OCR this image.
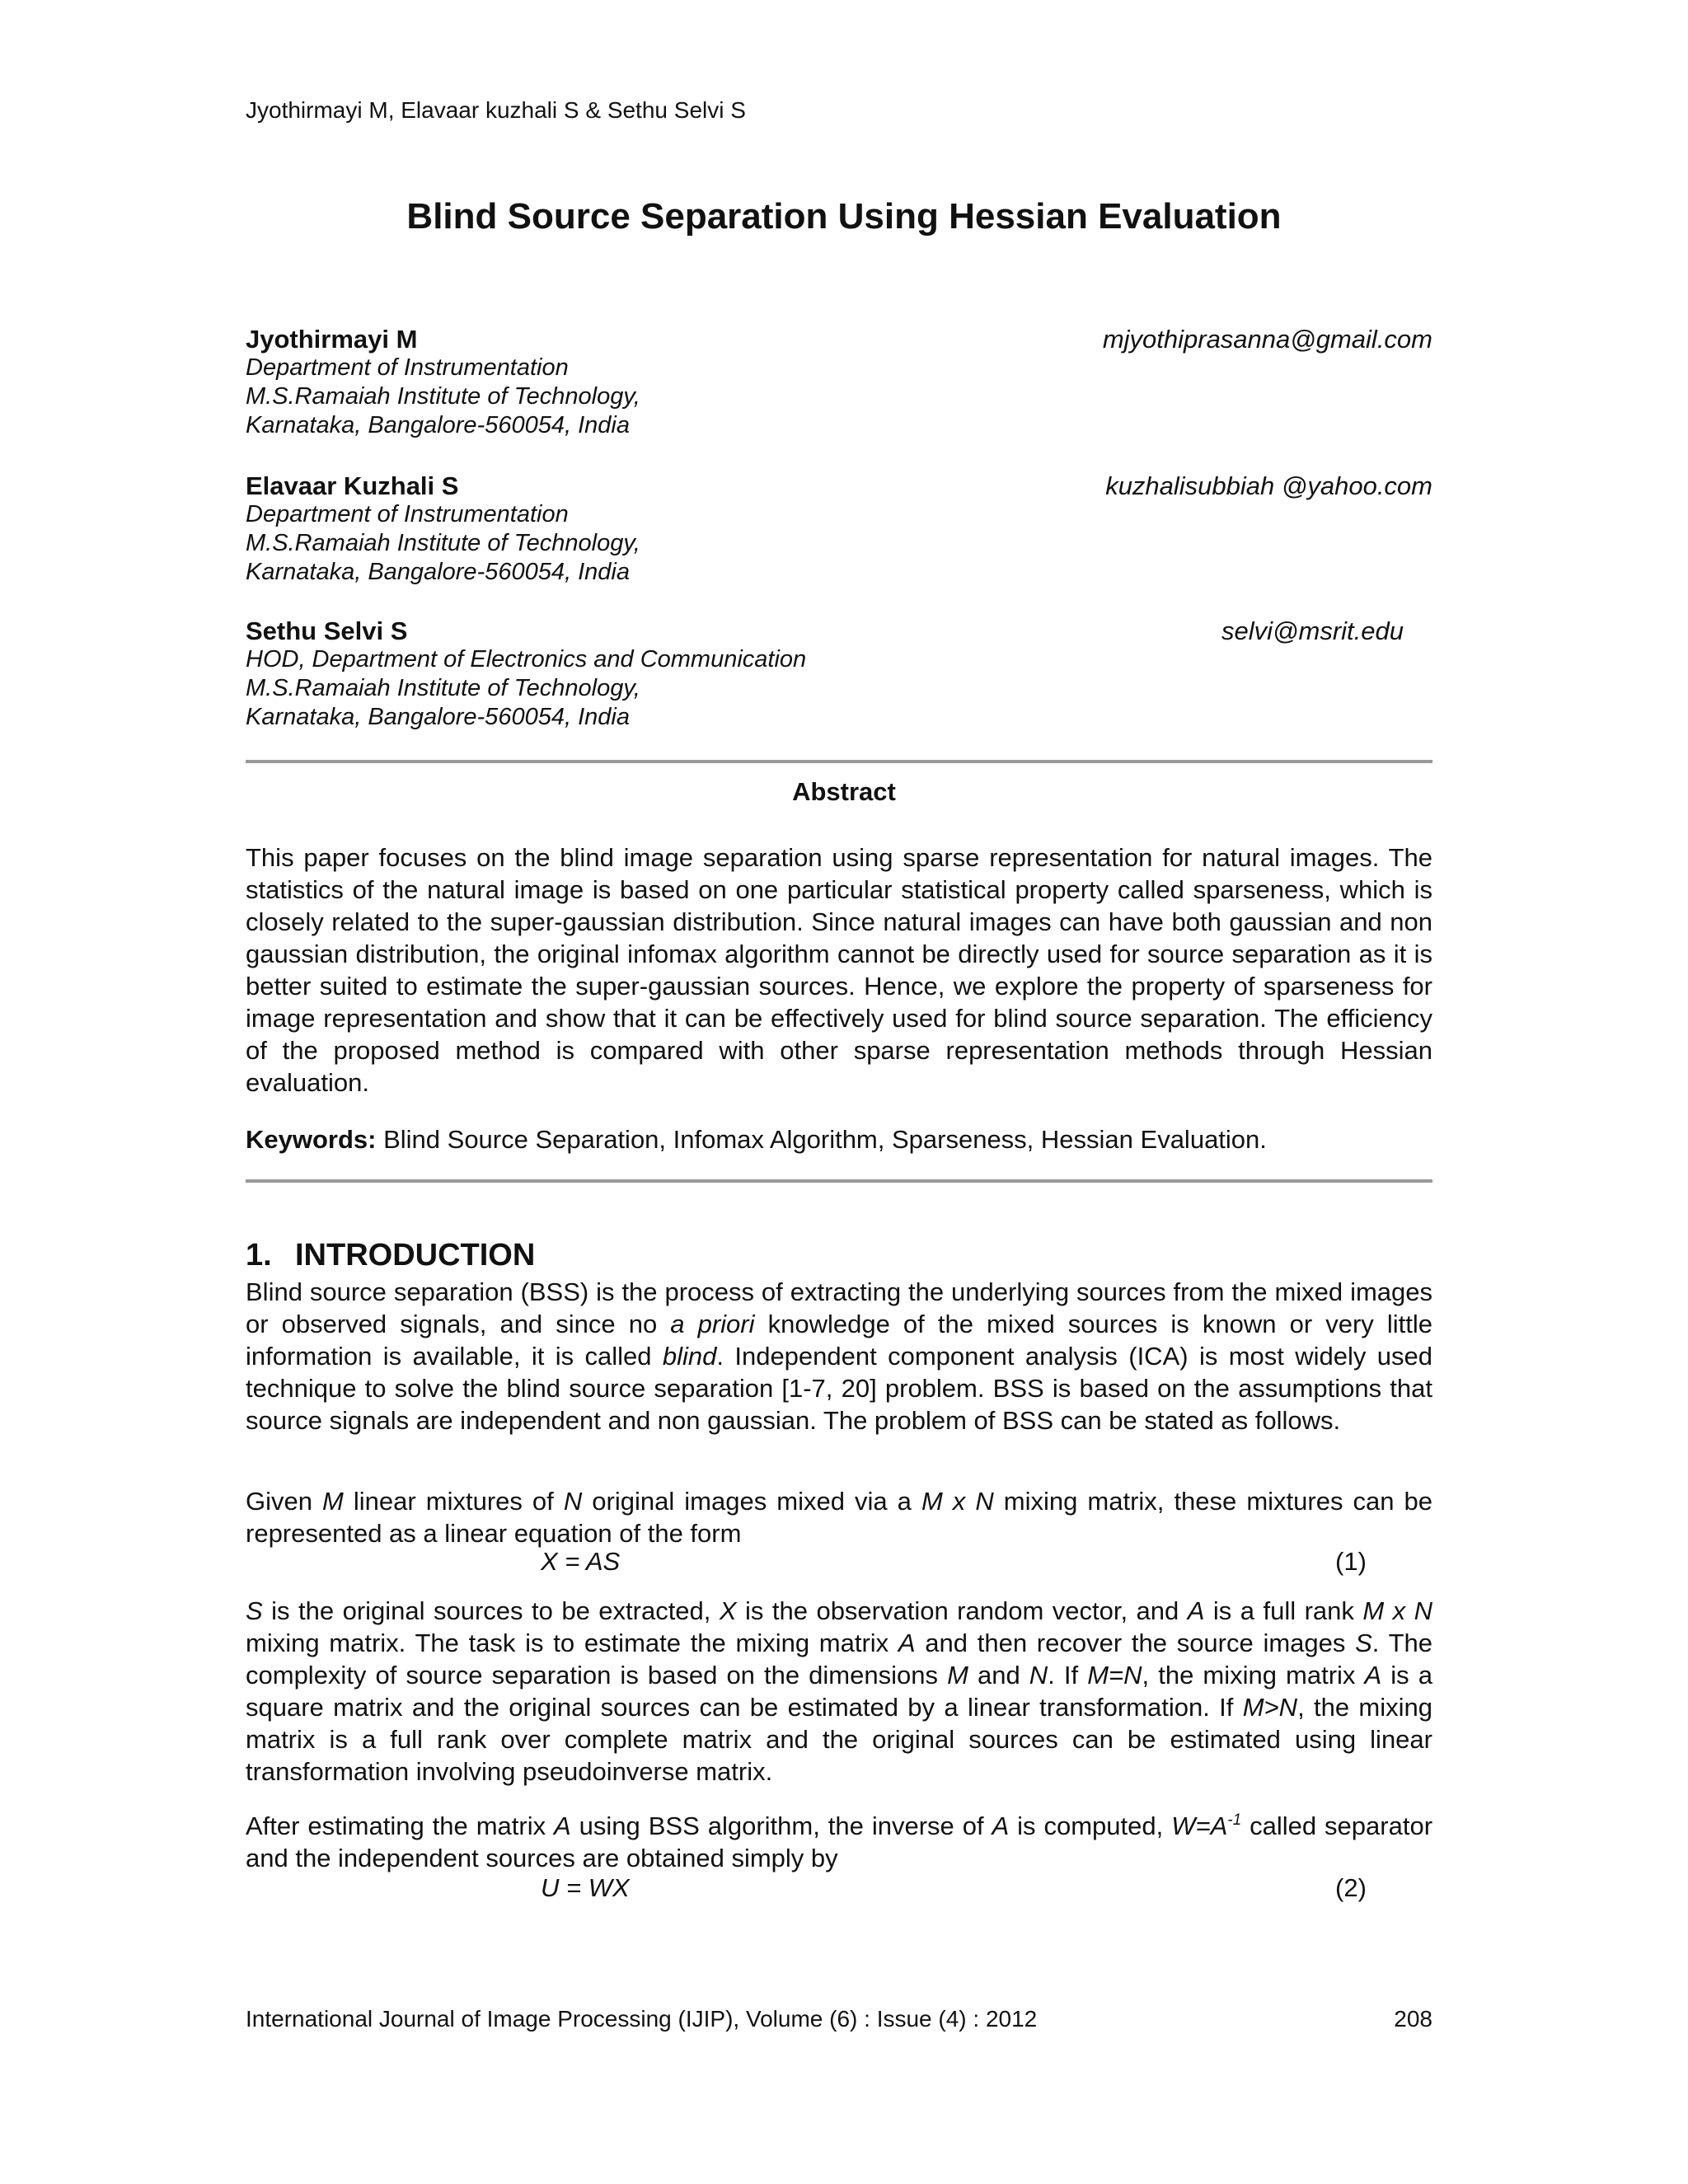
Jyothirmayi M, Elavaar kuzhali S & Sethu Selvi S
Blind Source Separation Using Hessian Evaluation
Jyothirmayi M	mjyothiprasanna@gmail.com
Department of Instrumentation
M.S.Ramaiah Institute of Technology,
Karnataka, Bangalore-560054, India
Elavaar Kuzhali S	kuzhalisubbiah @yahoo.com
Department of Instrumentation
M.S.Ramaiah Institute of Technology,
Karnataka, Bangalore-560054, India
Sethu Selvi S	selvi@msrit.edu
HOD, Department of Electronics and Communication
M.S.Ramaiah Institute of Technology,
Karnataka, Bangalore-560054, India
Abstract
This paper focuses on the blind image separation using sparse representation for natural images. The statistics of the natural image is based on one particular statistical property called sparseness, which is closely related to the super-gaussian distribution. Since natural images can have both gaussian and non gaussian distribution, the original infomax algorithm cannot be directly used for source separation as it is better suited to estimate the super-gaussian sources. Hence, we explore the property of sparseness for image representation and show that it can be effectively used for blind source separation. The efficiency of the proposed method is compared with other sparse representation methods through Hessian evaluation.
Keywords: Blind Source Separation, Infomax Algorithm, Sparseness, Hessian Evaluation.
1. INTRODUCTION
Blind source separation (BSS) is the process of extracting the underlying sources from the mixed images or observed signals, and since no a priori knowledge of the mixed sources is known or very little information is available, it is called blind. Independent component analysis (ICA) is most widely used technique to solve the blind source separation [1-7, 20] problem. BSS is based on the assumptions that source signals are independent and non gaussian. The problem of BSS can be stated as follows.
Given M linear mixtures of N original images mixed via a M x N mixing matrix, these mixtures can be represented as a linear equation of the form
X = AS	(1)
S is the original sources to be extracted, X is the observation random vector, and A is a full rank M x N mixing matrix. The task is to estimate the mixing matrix A and then recover the source images S. The complexity of source separation is based on the dimensions M and N. If M=N, the mixing matrix A is a square matrix and the original sources can be estimated by a linear transformation. If M>N, the mixing matrix is a full rank over complete matrix and the original sources can be estimated using linear transformation involving pseudoinverse matrix.
After estimating the matrix A using BSS algorithm, the inverse of A is computed, $W=A^{-1}$ called separator and the independent sources are obtained simply by
U = WX	(2)
International Journal of Image Processing (IJIP), Volume (6) : Issue (4) : 2012	208
